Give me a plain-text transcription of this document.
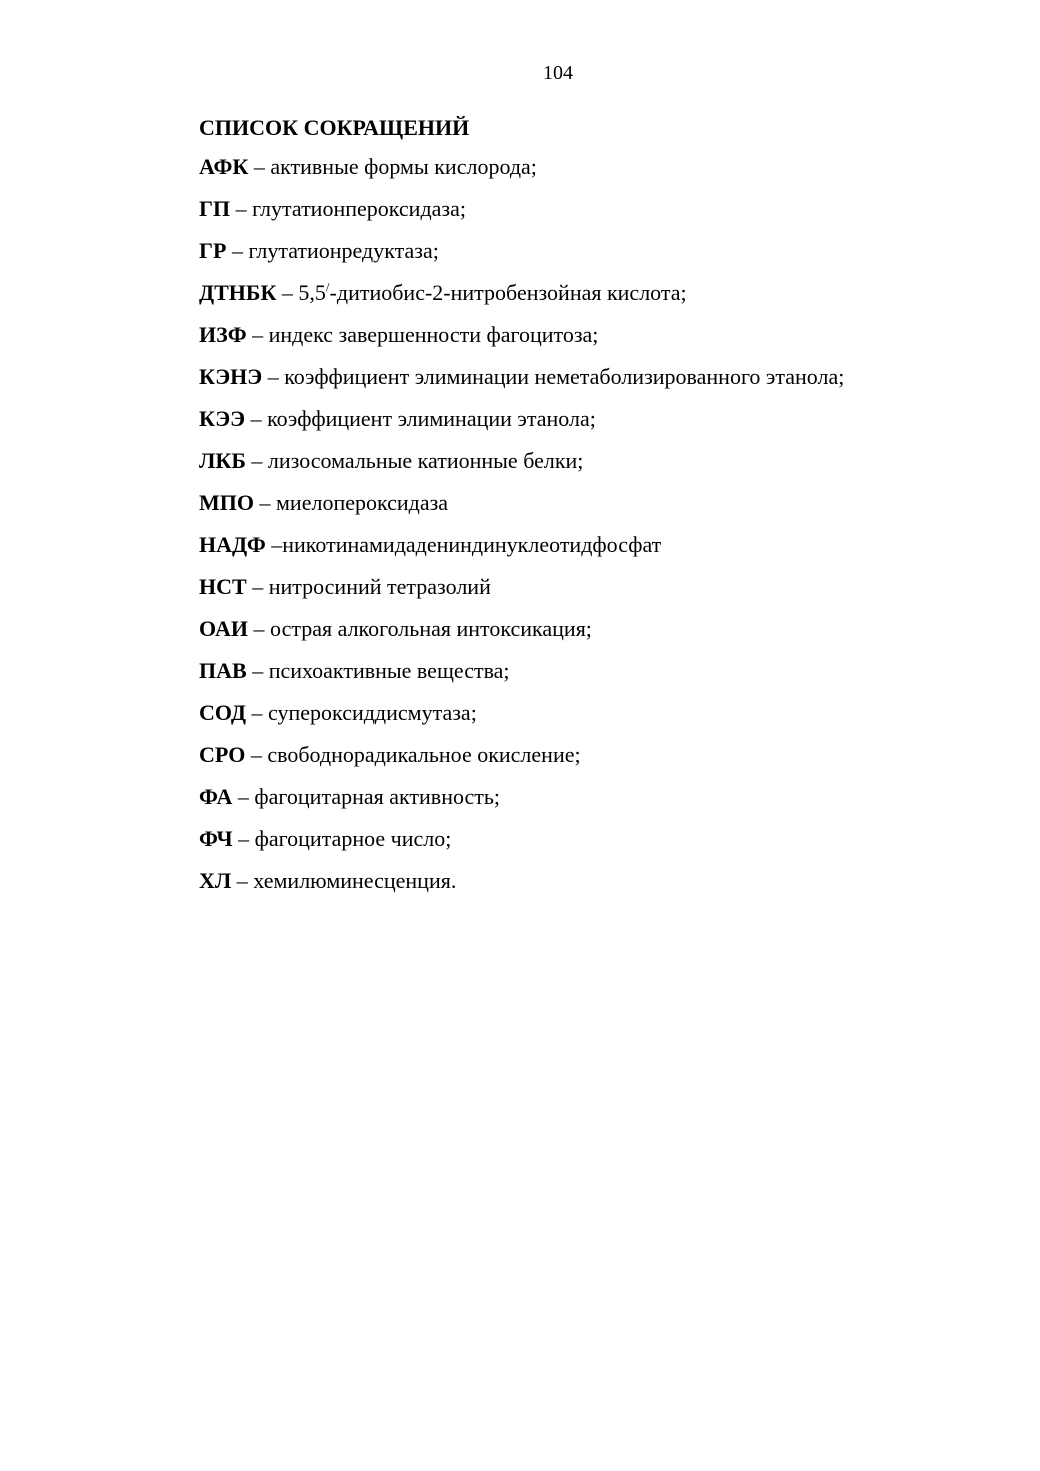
104
СПИСОК СОКРАЩЕНИЙ
АФК – активные формы кислорода;
ГП – глутатионпероксидаза;
ГР – глутатионредуктаза;
ДТНБК – 5,5/-дитиобис-2-нитробензойная кислота;
ИЗФ – индекс завершенности фагоцитоза;
КЭНЭ – коэффициент элиминации неметаболизированного этанола;
КЭЭ – коэффициент элиминации этанола;
ЛКБ – лизосомальные катионные белки;
МПО – миелопероксидаза
НАДФ –никотинамидадениндинуклеотидфосфат
НСТ – нитросиний тетразолий
ОАИ – острая алкогольная интоксикация;
ПАВ – психоактивные вещества;
СОД – супероксиддисмутаза;
СРО – свободнорадикальное окисление;
ФА – фагоцитарная активность;
ФЧ – фагоцитарное число;
ХЛ – хемилюминесценция.
